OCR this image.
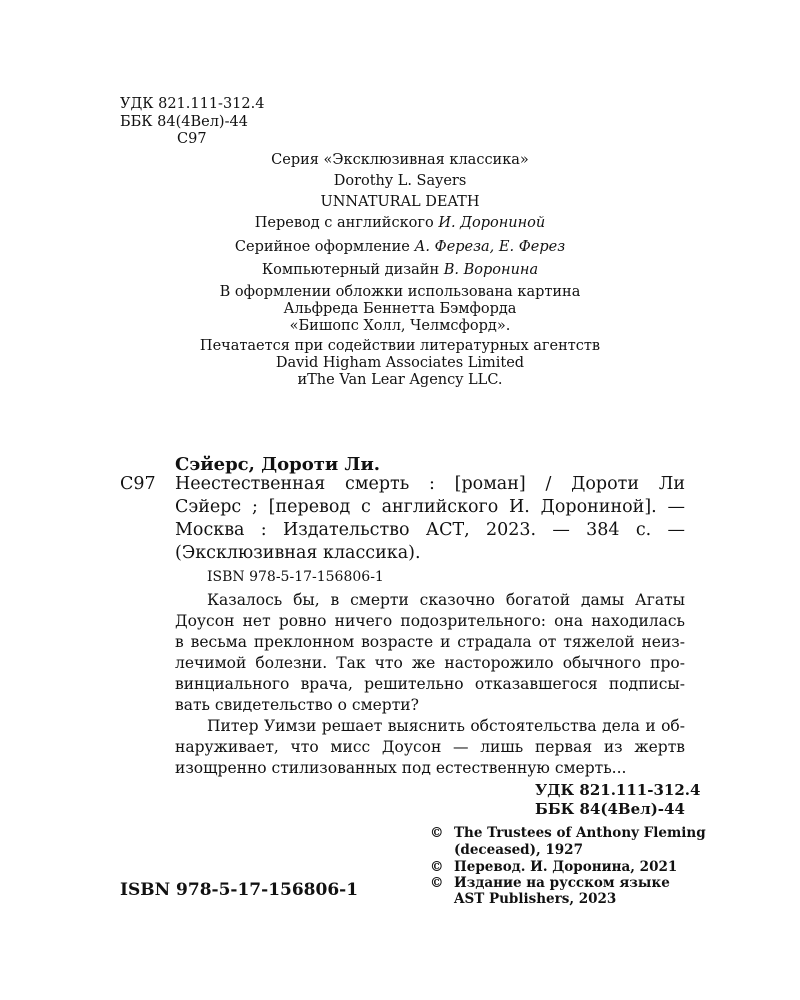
УДК 821.111-312.4
ББК 84(4Вел)-44
С97
Серия «Эксклюзивная классика»
Dorothy L. Sayers
UNNATURAL DEATH
Перевод с английского И. Дорониной
Серийное оформление А. Фереза, Е. Ферез
Компьютерный дизайн В. Воронина
В оформлении обложки использована картина
Альфреда Беннетта Бэмфорда
«Бишопс Холл, Челмсфорд».
Печатается при содействии литературных агентств
David Higham Associates Limited
иThe Van Lear Agency LLC.
Сэйерс, Дороти Ли.
С97 Неестественная смерть : [роман] / Дороти Ли
Сэйерс ; [перевод с английского И. Дорониной]. —
Москва : Издательство АСТ, 2023. — 384 с. —
(Эксклюзивная классика).
ISBN 978-5-17-156806-1
Казалось бы, в смерти сказочно богатой дамы Агаты
Доусон нет ровно ничего подозрительного: она находилась
в весьма преклонном возрасте и страдала от тяжелой неиз-
лечимой болезни. Так что же насторожило обычного про-
винциального врача, решительно отказавшегося подписы-
вать свидетельство о смерти?
Питер Уимзи решает выяснить обстоятельства дела и об-
наруживает, что мисс Доусон — лишь первая из жертв
изощренно стилизованных под естественную смерть...
УДК 821.111-312.4
ББК 84(4Вел)-44
© The Trustees of Anthony Fleming
(deceased), 1927
© Перевод. И. Доронина, 2021
© Издание на русском языке
AST Publishers, 2023
ISBN 978-5-17-156806-1
